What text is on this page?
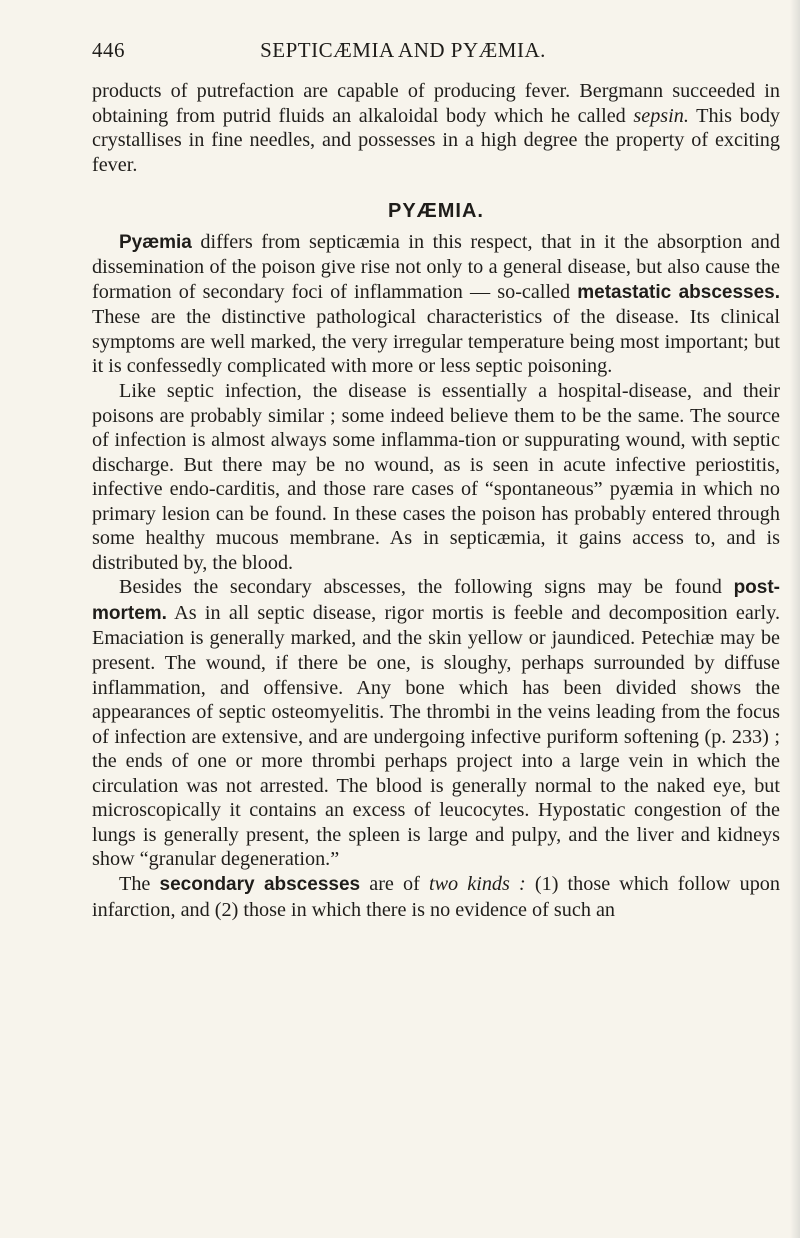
446	SEPTICÆMIA AND PYÆMIA.

products of putrefaction are capable of producing fever. Bergmann succeeded in obtaining from putrid fluids an alkaloidal body which he called sepsin. This body crystallises in fine needles, and possesses in a high degree the property of exciting fever.

PYÆMIA.

Pyæmia differs from septicæmia in this respect, that in it the absorption and dissemination of the poison give rise not only to a general disease, but also cause the formation of secondary foci of inflammation — so-called metastatic abscesses. These are the distinctive pathological characteristics of the disease. Its clinical symptoms are well marked, the very irregular temperature being most important; but it is confessedly complicated with more or less septic poisoning.

Like septic infection, the disease is essentially a hospital-disease, and their poisons are probably similar ; some indeed believe them to be the same. The source of infection is almost always some inflamma-tion or suppurating wound, with septic discharge. But there may be no wound, as is seen in acute infective periostitis, infective endo-carditis, and those rare cases of “spontaneous” pyæmia in which no primary lesion can be found. In these cases the poison has probably entered through some healthy mucous membrane. As in septicæmia, it gains access to, and is distributed by, the blood.

Besides the secondary abscesses, the following signs may be found post-mortem. As in all septic disease, rigor mortis is feeble and decomposition early. Emaciation is generally marked, and the skin yellow or jaundiced. Petechiæ may be present. The wound, if there be one, is sloughy, perhaps surrounded by diffuse inflammation, and offensive. Any bone which has been divided shows the appearances of septic osteomyelitis. The thrombi in the veins leading from the focus of infection are extensive, and are undergoing infective puriform softening (p. 233) ; the ends of one or more thrombi perhaps project into a large vein in which the circulation was not arrested. The blood is generally normal to the naked eye, but microscopically it contains an excess of leucocytes. Hypostatic congestion of the lungs is generally present, the spleen is large and pulpy, and the liver and kidneys show “granular degeneration.”

The secondary abscesses are of two kinds : (1) those which follow upon infarction, and (2) those in which there is no evidence of such an
